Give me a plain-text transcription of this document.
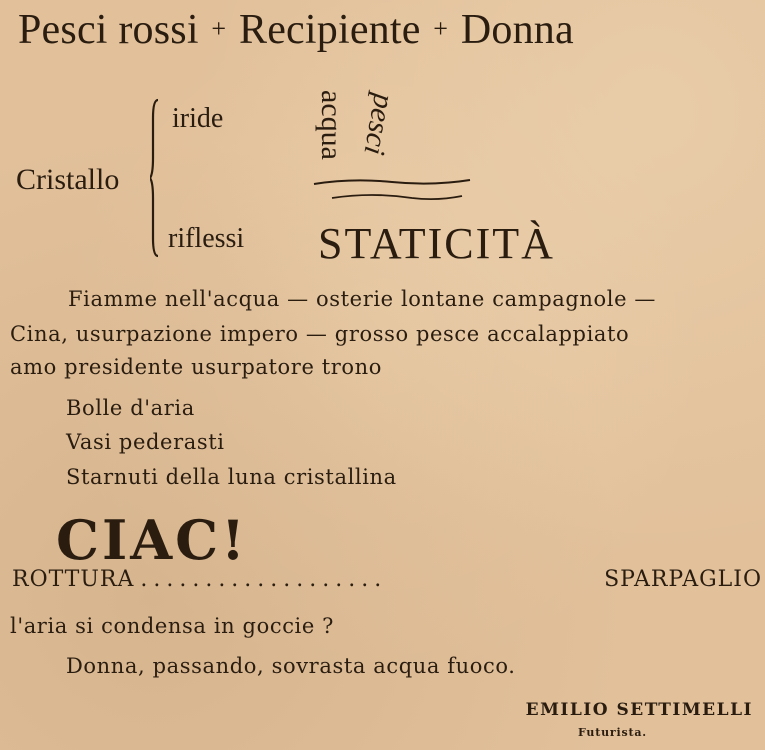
Pesci rossi + Recipiente + Donna
Cristallo
iride
riflessi
acqua pesci
STATICITÀ
Fiamme nell'acqua — osterie lontane campagnole —
Cina, usurpazione impero — grosso pesce accalappiato
amo presidente usurpatore trono
Bolle d'aria
Vasi pederasti
Starnuti della luna cristallina
CIAC!
ROTTURA ...................	SPARPAGLIO
l'aria si condensa in goccie ?
Donna, passando, sovrasta acqua fuoco.
EMILIO SETTIMELLI
Futurista.
